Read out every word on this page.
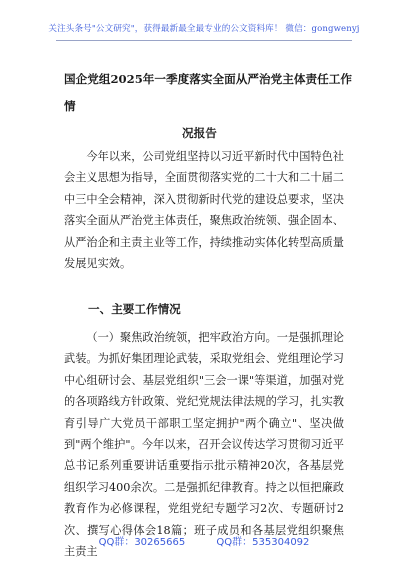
关注头条号"公文研究"，获得最新最全最专业的公文资料库！ 微信：gongwenyj
国企党组2025年一季度落实全面从严治党主体责任工作情
况报告
今年以来，公司党组坚持以习近平新时代中国特色社会主义思想为指导，全面贯彻落实党的二十大和二十届二中三中全会精神，深入贯彻新时代党的建设总要求，坚决落实全面从严治党主体责任，聚焦政治统领、强企固本、从严治企和主责主业等工作，持续推动实体化转型高质量发展见实效。
一、主要工作情况
（一）聚焦政治统领，把牢政治方向。一是强抓理论武装。为抓好集团理论武装，采取党组会、党组理论学习中心组研讨会、基层党组织"三会一课"等渠道，加强对党的各项路线方针政策、党纪党规法律法规的学习，扎实教育引导广大党员干部职工坚定拥护"两个确立"、坚决做到"两个维护"。今年以来，召开会议传达学习贯彻习近平总书记系列重要讲话重要指示批示精神20次，各基层党组织学习400余次。二是强抓纪律教育。持之以恒把廉政教育作为必修课程，党组党纪专题学习2次、专题研讨2次、撰写心得体会18篇；班子成员和各基层党组织聚焦主责主
QQ群：30265665	QQ群：535304092
